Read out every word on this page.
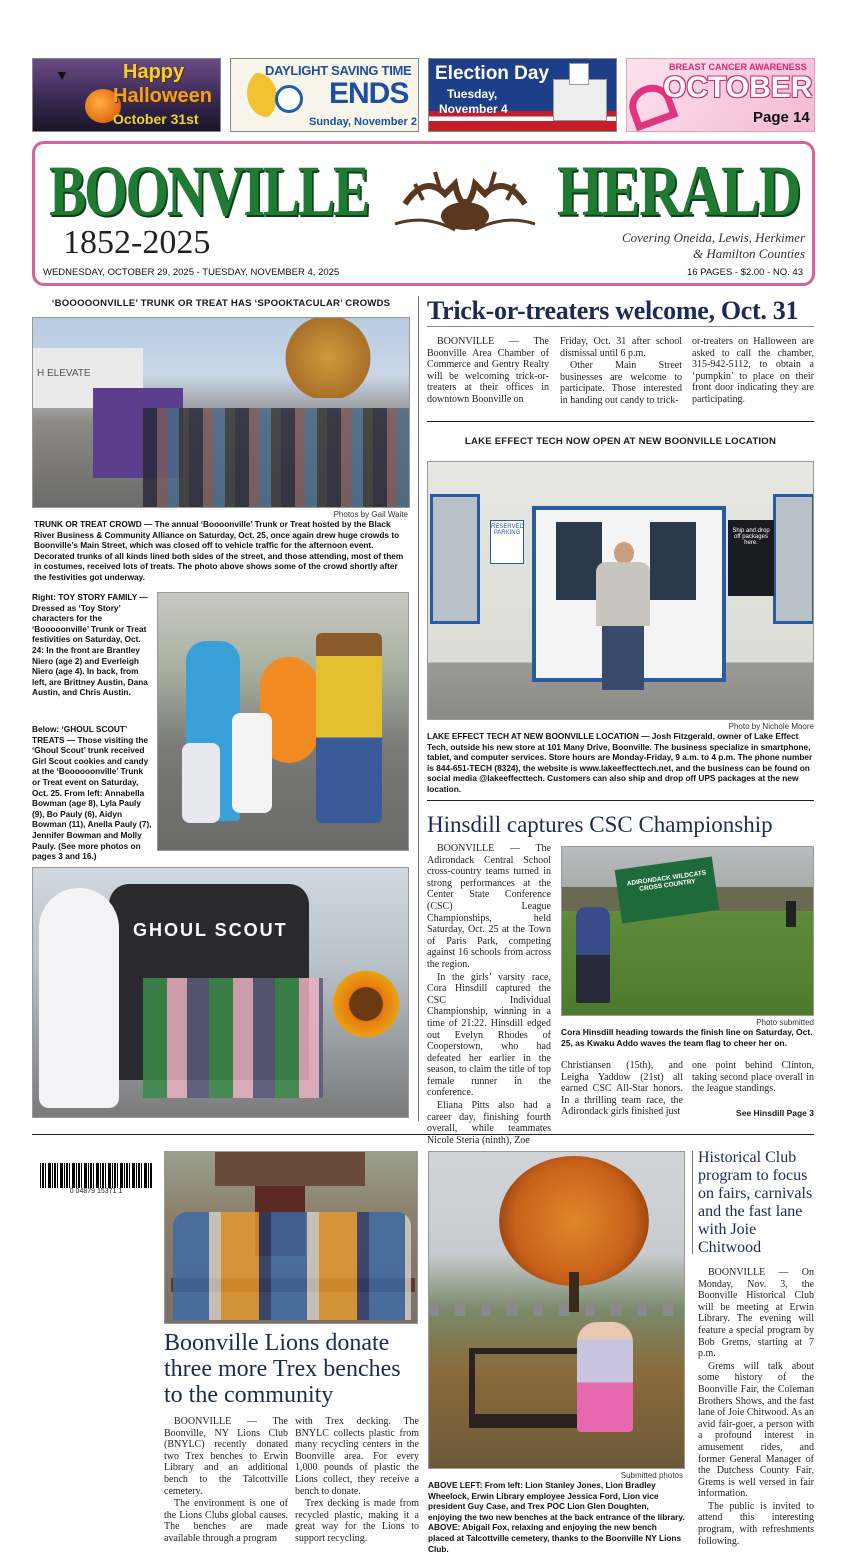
▼	Happy
Halloween
October 31st
DAYLIGHT SAVING TIME
ENDS
Sunday, November 2
Election Day
Tuesday,
November 4
BREAST CANCER AWARENESS
OCTOBER
Page 14
BOONVILLE	HERALD
1852-2025	Covering Oneida, Lewis, Herkimer & Hamilton Counties
WEDNESDAY, OCTOBER 29, 2025 - TUESDAY, NOVEMBER 4, 2025	16 PAGES - $2.00 - NO. 43
‘BOOOOONVILLE’ TRUNK OR TREAT HAS ‘SPOOKTACULAR’ CROWDS
H ELEVATE
Photos by Gail Waite
TRUNK OR TREAT CROWD — The annual ‘Boooonville’ Trunk or Treat hosted by the Black River Business & Community Alliance on Saturday, Oct. 25, once again drew huge crowds to Boonville’s Main Street, which was closed off to vehicle traffic for the afternoon event. Decorated trunks of all kinds lined both sides of the street, and those attending, most of them in costumes, received lots of treats. The photo above shows some of the crowd shortly after the festivities got underway.
Right: TOY STORY FAMILY — Dressed as ‘Toy Story’ characters for the ‘Booooonville’ Trunk or Treat festivities on Saturday, Oct. 24: In the front are Brantley Niero (age 2) and Everleigh Niero (age 4). In back, from left, are Brittney Austin, Dana Austin, and Chris Austin.
Below: ‘GHOUL SCOUT’ TREATS — Those visiting the ‘Ghoul Scout’ trunk received Girl Scout cookies and candy at the ‘Boooooonville’ Trunk or Treat event on Saturday, Oct. 25. From left: Annabella Bowman (age 8), Lyla Pauly (9), Bo Pauly (6), Aidyn Bowman (11), Anella Pauly (7), Jennifer Bowman and Molly Pauly. (See more photos on pages 3 and 16.)
GHOUL SCOUT
Trick-or-treaters welcome, Oct. 31

BOONVILLE — The Boonville Area Chamber of Commerce and Gentry Realty will be welcoming trick-or-treaters at their offices in downtown Boonville on

Friday, Oct. 31 after school dismissal until 6 p.m.

Other Main Street businesses are welcome to participate. Those interested in handing out candy to trick-

or-treaters on Halloween are asked to call the chamber, 315-942-5112, to obtain a ‘pumpkin’ to place on their front door indicating they are participating.

LAKE EFFECT TECH NOW OPEN AT NEW BOONVILLE LOCATION
RESERVED PARKING	Ship and drop off packages here.
Photo by Nichole Moore
LAKE EFFECT TECH AT NEW BOONVILLE LOCATION — Josh Fitzgerald, owner of Lake Effect Tech, outside his new store at 101 Many Drive, Boonville. The business specialize in smartphone, tablet, and computer services. Store hours are Monday-Friday, 9 a.m. to 4 p.m. The phone number is 844-651-TECH (8324), the website is www.lakeeffecttech.net, and the business can be found on social media @lakeeffecttech. Customers can also ship and drop off UPS packages at the new location.
Hinsdill captures CSC Championship

BOONVILLE — The Adirondack Central School cross-country teams turned in strong performances at the Center State Conference (CSC) League Championships, held Saturday, Oct. 25 at the Town of Paris Park, competing against 16 schools from across the region.

In the girls’ varsity race, Cora Hinsdill captured the CSC Individual Championship, winning in a time of 21:22. Hinsdill edged out Evelyn Rhodes of Cooperstown, who had defeated her earlier in the season, to claim the title of top female runner in the conference.

Eliana Pitts also had a career day, finishing fourth overall, while teammates Nicole Steria (ninth), Zoe

ADIRONDACK WILDCATS CROSS COUNTRY
Photo submitted
Cora Hinsdill heading towards the finish line on Saturday, Oct. 25, as Kwaku Addo waves the team flag to cheer her on.

Christiansen (15th), and Leigha Yaddow (21st) all earned CSC All-Star honors. In a thrilling team race, the Adirondack girls finished just

one point behind Clinton, taking second place overall in the league standings.

See Hinsdill Page 3
0 04879 15371 1
Boonville Lions donate three more Trex benches to the community

BOONVILLE — The Boonville, NY Lions Club (BNYLC) recently donated two Trex benches to Erwin Library and an additional bench to the Talcottville cemetery.

The environment is one of the Lions Clubs global causes. The benches are made available through a program

with Trex decking. The BNYLC collects plastic from many recycling centers in the Boonville area. For every 1,000 pounds of plastic the Lions collect, they receive a bench to donate.

Trex decking is made from recycled plastic, making it a great way for the Lions to support recycling.

Submitted photos
ABOVE LEFT: From left: Lion Stanley Jones, Lion Bradley Wheelock, Erwin Library employee Jessica Ford, Lion vice president Guy Case, and Trex POC Lion Glen Doughten, enjoying the two new benches at the back entrance of the library. ABOVE: Abigail Fox, relaxing and enjoying the new bench placed at Talcottville cemetery, thanks to the Boonville NY Lions Club.
Historical Club program to focus on fairs, carnivals and the fast lane with Joie Chitwood

BOONVILLE — On Monday, Nov. 3, the Boonville Historical Club will be meeting at Erwin Library. The evening will feature a special program by Bob Grems, starting at 7 p.m.

Grems will talk about some history of the Boonville Fair, the Coleman Brothers Shows, and the fast lane of Joie Chitwood. As an avid fair-goer, a person with a profound interest in amusement rides, and former General Manager of the Dutchess County Fair, Grems is well versed in fair information.

The public is invited to attend this interesting program, with refreshments following.
